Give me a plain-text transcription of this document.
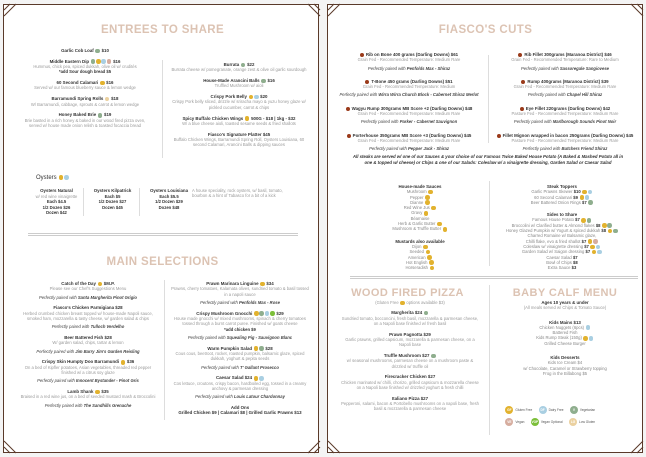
ENTREES TO SHARE
Garlic Cob Loaf $10
Middle Eastern Dip	$16
Hummus, chick pea, spiced dukkah, olive oil w/ crudités
*add Sour dough bread $5
60 Second Calamari $16
Served w/ our famous blueberry sauce & lemon wedge
Barramundi Spring Rolls $18
W/ Barramundi, cabbage, sprouts & carrot & lemon wedge
Honey Baked Brie $19
Brie basted in a rich honey & baked in our wood fired pizza oven, served w/ house made onion relish & toasted focaccia bread
Burrata $22
Burrata cheese w/ pomegranate, orange zest & olive oil garlic sourdough
House-Made Arancini Balls $16
Truffled Mushroom w/ aioli
Crispy Pork Belly	$20
Crispy Pork belly sliced, drizzle w/ sriracha mayo & yuzu honey glaze w/ pickled cucumber, carrot & chips
Spicy Buffalo Chicken Wings 500G - $18 | 1kg - $32
W/ a blue cheese aioli, toasted sesame seeds & fried shallots
Fiasco's Signature Platter $45
Buffalo Chicken Wings, Barramundi Spring Roll, Oysters Louisiana, 60 second Calamari, Arancini Balls & dipping sauces
Oysters
Oysters Natural
w/ red wine vinaigrette
Each $4.5
1/2 Dozen $26
Dozen $42
Oysters Kilpatrick
Each $5
1/2 Dozen $27
Dozen $45
Oysters Louisiana
Each $5.5
1/2 Dozen $29
Dozen $48
A house speciality, rock oysters, w/ basil, tomato, bourbon & a hint of Tabasco for a bit of a kick
MAIN SELECTIONS
Catch of the Day $M.P.
Please see our Chef's Suggestions Menu
Perfectly paired with Santa Margherita Pinot Grigio
Fiasco's Chicken Parmigiana $28
Herbed crumbed chicken breast topped w/ house-made Napoli sauce, smoked ham, mozzarella & tasty cheese, w/ garden salad & chips
Perfectly paired with Tulloch Verdelho
Beer Battered Fish $28
W/ garden salad, chips, tartar & lemon
Perfectly paired with Jim Barry Jim's Garden Reisling
Crispy Skin Humpty Doo Barramundi $36
On a bed of Kipfler potatoes, Asian vegetables, threaded red pepper finished w/ a citrus soy glaze
Perfectly paired with Innocent Bystander - Pinot Gris
Lamb Shank $35
Braised in a red wine jus, on a bed of seeded mustard mash & Broccolini
Perfectly paired with The Sandhills Grenache
Prawn Marinara Linguine $34
Prawns, cherry tomatoes, Kalamata olives, sundried tomato & basil tossed in a napoli sauce
Perfectly paired with Penfolds Max - Rose
Crispy Mushroom Gnocchi	$29
House made gnocchi w/ mixed mushrooms, spinach & cherry tomatoes tossed through a burnt carrot puree. Finished w/ goats cheese
*add chicken $9
Perfectly paired with Squealing Pig - Sauvignon Blanc
Warm Pumpkin Salad	$28
Cous cous, beetroot, rocket, roasted pumpkin, balsamic glaze, spiced dukkah, yoghurt & pepita seeds
Perfectly paired with T' Gallant Prosecco
Caesar Salad $24
Cos lettuce, croutons, crispy bacon, hardboiled egg, tossed in a creamy anchovy & parmesan dressing
Perfectly paired with Louis Latour Chardonnay
Add Ons
Grilled Chicken $9 | Calamari $8 | Grilled Garlic Prawns $13
FIASCO'S CUTS
Rib on Bone 400 grams (Darling Downs) $61
Grain Fed - Recommended Temperature: Medium Rare
Perfectly paired with Penfolds Max - Shiraz
T-Bone 450 grams (Darling Downs) $51
Grain Fed - Recommended Temperature: Medium
Perfectly paired with Wirra Wirra Church Block - Cabernet Shiraz Merlot
Wagyu Rump 300grams MB Score +2 (Darling Downs) $48
Grain Fed - Recommended Temperature: Medium Rare
Perfectly paired with Parker - Cabernet Sauvignon
Porterhouse 350grams MB Score +3 (Darling Downs) $45
Grain Fed - Recommended Temperature: Medium Rare
Perfectly paired with Pepper Jack - Shiraz
Rib Fillet 300grams (Maranoa District) $46
Grain Fed - Recommended Temperature: Rare to Medium
Perfectly paired with Sassoregale Sangiovese
Rump 400grams (Maranoa District) $39
Grain Fed - Recommended Temperature: Medium Rare
Perfectly paired with Chapel Hill Shiraz
Eye Fillet 220grams (Darling Downs) $42
Pasture Fed - Recommended Temperature: Medium Rare
Perfectly paired with Marlborough Sounds Pinot Noir
Fillet Mignon wrapped in bacon 250grams (Darling Downs) $45
Pasture Fed - Recommended Temperature: Medium Rare
Perfectly paired with Butchers Friend Shiraz
All steaks are served w/ one of our Sauces & your choice of our Famous Twice Baked House Potato (A Baked & Mashed Potato all in one & topped w/ cheese) or Chips & one of our Salads: Coleslaw w/ a vinaigrette dressing, Garden Salad or Caesar Salad
House-made Sauces
Mushroom
Pepper
Dianne
Red Wine Jus
Gravy
Béarnaise
Herb & Garlic Butter
Mushroom & Truffle Butter
Mustards also available
Dijon
Seeded
American
Hot English
Horseradish
Steak Toppers
Garlic Prawns Skewer $10
60 Second Calamari $9
Beer Battered Onion Rings $7
Sides to Share
Famous House Potato $7
Broccolini w/ Clarified butter & Almond flakes $8
Honey Glazed Pumpkin w/ Yogurt & spiced dukkah $8
Charred Romaine w/ Balsamic glaze,
Chilli flake, evo & fried shallot $7
Coleslaw w/ vinaigrette dressing $7
Garden Salad w/ Saigon dressing $7
Caesar Salad $7
Bowl of Chips $8
Extra Sauce $3
WOOD FIRED PIZZA
(Gluten Free  options available $3)
Margherita $24
Sundried tomato, bocconcini, fresh basil, mozzarella & parmesan cheese, on a Napoli base finished w/ fresh basil
Prawn Pagnotta $29
Garlic prawns, grilled capsicum, mozzarella & parmesan cheese, on a Napoli base
Truffle Mushroom $27
w/ seasonal mushrooms, parmesan cheese on a mushroom paste & drizzled w/ truffle oil
Firecracker Chicken $27
Chicken marinated w/ chilli, chorizo, grilled capsicum & mozzarella cheese on a Napoli base finished w/ drizzled yoghurt & fresh chilli
Italiano Pizza $27
Pepperoni, salami, bacon & Portobello mushrooms on a napoli base, fresh basil & mozzarella & parmesan cheese
BABY CALF MENU
Ages 10 years & under
(All meals served w/ Chips & Tomato Sauce)
Kids Mains $13
Chicken Nuggets (6pcs)
Battered Fish
Kids Rump Steak (150g)
Grilled Cheese Burger
Kids Desserts
Kids Ice Cream $4
w/ Chocolate, Caramel or Strawberry topping
Frog in the Billabong $5
GF	Gluten Free	DF	Dairy Free	V	Vegetarian
VE	Vegan VOP Vegan Optional	LG	Low Gluten
